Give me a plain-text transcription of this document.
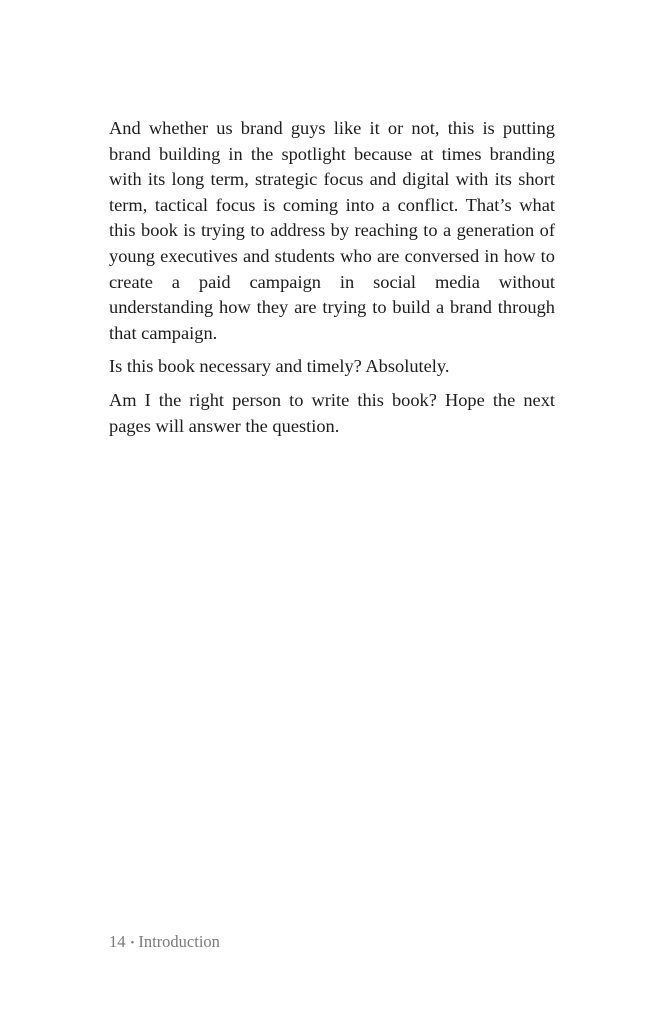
And whether us brand guys like it or not, this is putting brand building in the spotlight because at times branding with its long term, strategic focus and digital with its short term, tactical focus is coming into a conflict. That’s what this book is trying to address by reaching to a generation of young executives and students who are conversed in how to create a paid campaign in social media without understanding how they are trying to build a brand through that campaign.

Is this book necessary and timely? Absolutely.

Am I the right person to write this book? Hope the next pages will answer the question.

14 • Introduction
